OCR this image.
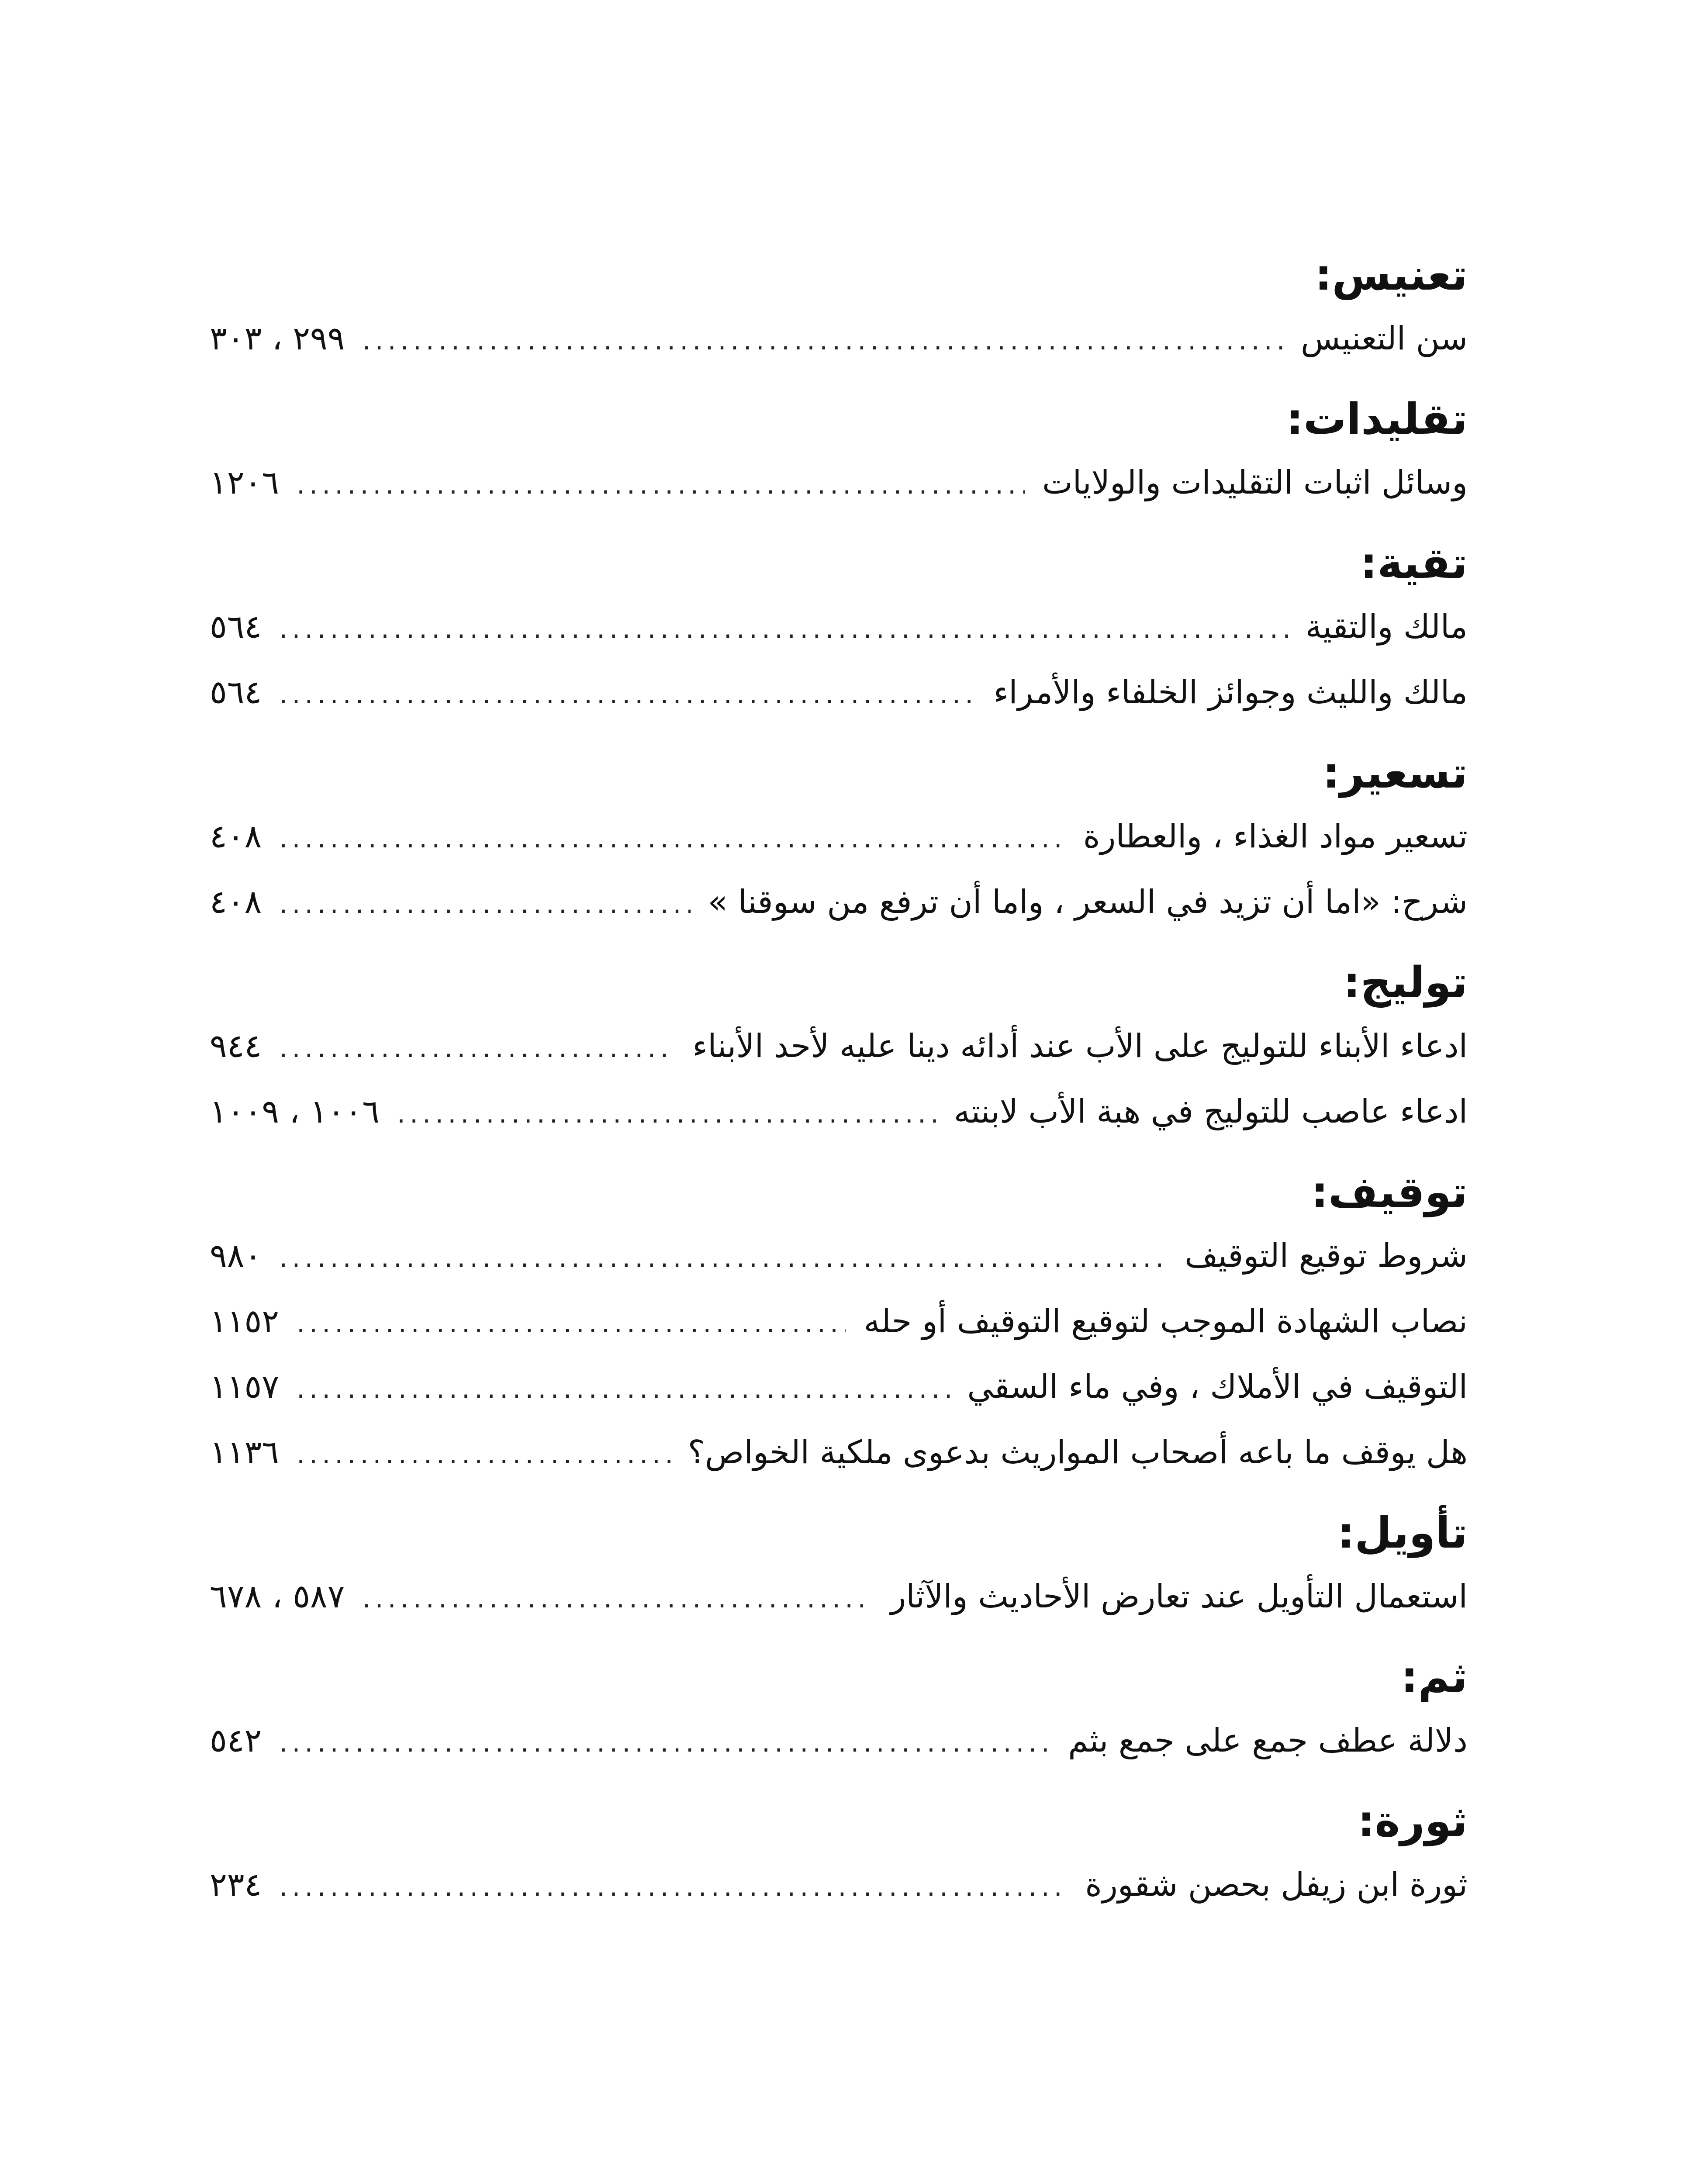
تعنيس:
سن التعنيس
.....
٢٩٩ ، ٣٠٣
تقليدات:
وسائل اثبات التقليدات والولايات
.....
١٢٠٦
تقية:
مالك والتقية
.....
٥٦٤
مالك والليث وجوائز الخلفاء والأمراء
.....
٥٦٤
تسعير:
تسعير مواد الغذاء ، والعطارة
.....
٤٠٨
شرح: «اما أن تزيد في السعر ، واما أن ترفع من سوقنا »
.....
٤٠٨
توليج:
ادعاء الأبناء للتوليج على الأب عند أدائه دينا عليه لأحد الأبناء
.....
٩٤٤
ادعاء عاصب للتوليج في هبة الأب لابنته
.....
١٠٠٦ ، ١٠٠٩
توقيف:
شروط توقيع التوقيف
.....
٩٨٠
نصاب الشهادة الموجب لتوقيع التوقيف أو حله
.....
١١٥٢
التوقيف في الأملاك ، وفي ماء السقي
.....
١١٥٧
هل يوقف ما باعه أصحاب المواريث بدعوى ملكية الخواص؟
.....
١١٣٦
تأويل:
استعمال التأويل عند تعارض الأحاديث والآثار
.....
٥٨٧ ، ٦٧٨
ثم:
دلالة عطف جمع على جمع بثم
.....
٥٤٢
ثورة:
ثورة ابن زيفل بحصن شقورة
.....
٢٣٤
